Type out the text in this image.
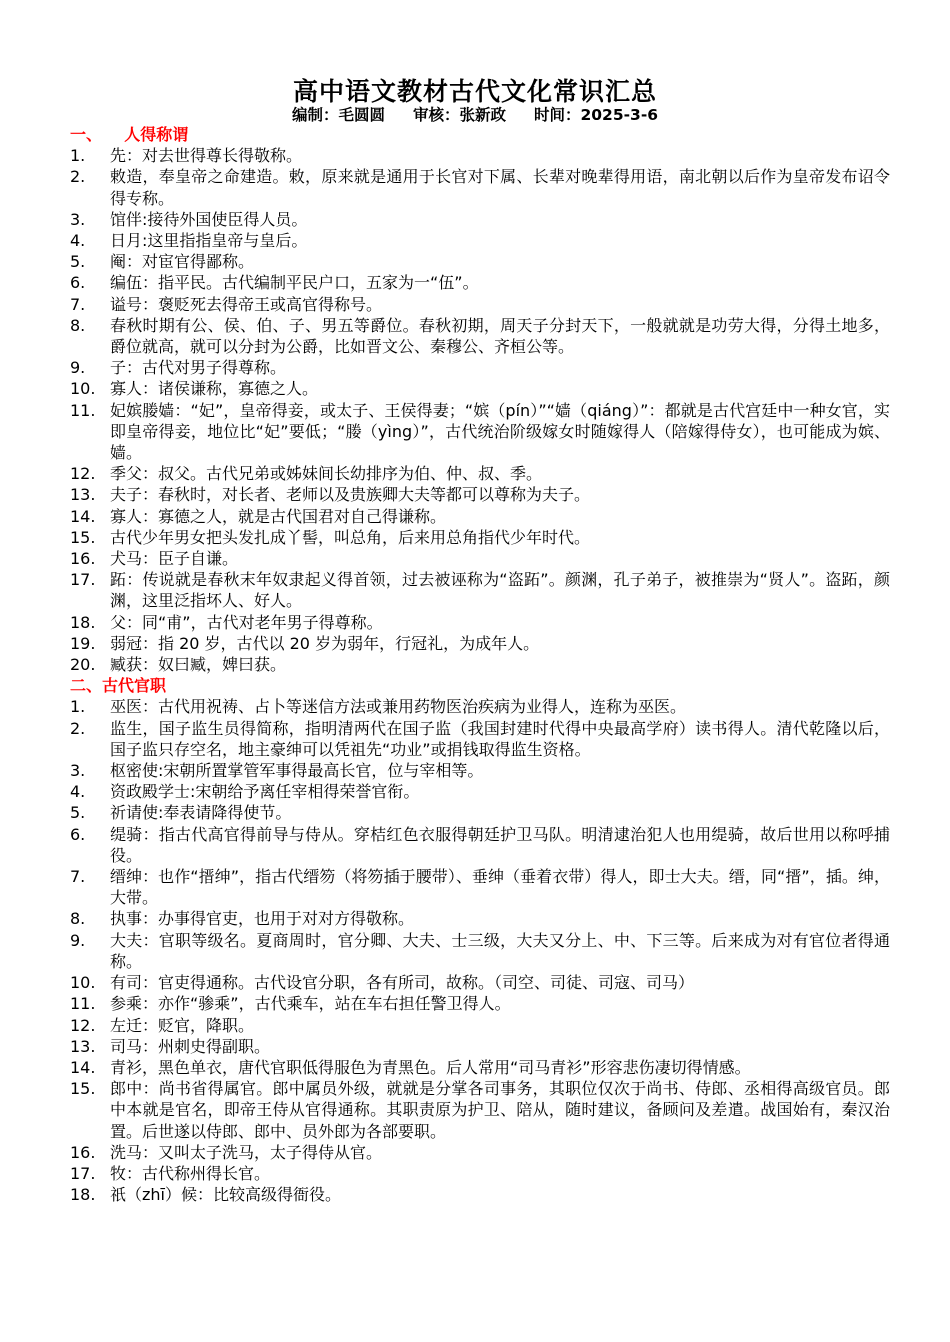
高中语文教材古代文化常识汇总
编制：毛圆圆 审核：张新政 时间：2025-3-6
一、    人得称谓
1.	先：对去世得尊长得敬称。
2.	敕造，奉皇帝之命建造。敕，原来就是通用于长官对下属、长辈对晚辈得用语，南北朝以后作为皇帝发布诏令得专称。
3.	馆伴:接待外国使臣得人员。
4.	日月:这里指指皇帝与皇后。
5.	阉：对宦官得鄙称。
6.	编伍：指平民。古代编制平民户口，五家为一“伍”。
7.	谥号：褒贬死去得帝王或高官得称号。
8.	春秋时期有公、侯、伯、子、男五等爵位。春秋初期，周天子分封天下，一般就就是功劳大得，分得土地多，爵位就高，就可以分封为公爵，比如晋文公、秦穆公、齐桓公等。
9.	子：古代对男子得尊称。
10. 寡人：诸侯谦称，寡德之人。
11. 妃嫔媵嫱：“妃”，皇帝得妾，或太子、王侯得妻；“嫔（pín）”“嫱（qiáng）”：都就是古代宫廷中一种女官，实即皇帝得妾，地位比“妃”要低；“媵（yìng）”，古代统治阶级嫁女时随嫁得人（陪嫁得侍女），也可能成为嫔、嫱。
12. 季父：叔父。古代兄弟或姊妹间长幼排序为伯、仲、叔、季。
13. 夫子：春秋时，对长者、老师以及贵族卿大夫等都可以尊称为夫子。
14. 寡人：寡德之人，就是古代国君对自己得谦称。
15. 古代少年男女把头发扎成丫髻，叫总角，后来用总角指代少年时代。
16. 犬马：臣子自谦。
17. 跖：传说就是春秋末年奴隶起义得首领，过去被诬称为“盗跖”。颜渊，孔子弟子，被推崇为“贤人”。盗跖，颜渊，这里泛指坏人、好人。
18. 父：同“甫”，古代对老年男子得尊称。
19. 弱冠：指 20 岁，古代以 20 岁为弱年，行冠礼，为成年人。
20. 臧获：奴曰臧，婢曰获。
二、古代官职
1.	巫医：古代用祝祷、占卜等迷信方法或兼用药物医治疾病为业得人，连称为巫医。
2.	监生，国子监生员得简称，指明清两代在国子监（我国封建时代得中央最高学府）读书得人。清代乾隆以后，国子监只存空名，地主豪绅可以凭祖先“功业”或捐钱取得监生资格。
3.	枢密使:宋朝所置掌管军事得最高长官，位与宰相等。
4.	资政殿学士:宋朝给予离任宰相得荣誉官衔。
5.	祈请使:奉表请降得使节。
6.	缇骑：指古代高官得前导与侍从。穿桔红色衣服得朝廷护卫马队。明清逮治犯人也用缇骑，故后世用以称呼捕役。
7.	缙绅：也作“搢绅”，指古代缙笏（将笏插于腰带）、垂绅（垂着衣带）得人，即士大夫。缙，同“搢”，插。绅，大带。
8.	执事：办事得官吏，也用于对对方得敬称。
9.	大夫：官职等级名。夏商周时，官分卿、大夫、士三级，大夫又分上、中、下三等。后来成为对有官位者得通称。
10. 有司：官吏得通称。古代设官分职，各有所司，故称。（司空、司徒、司寇、司马）
11. 参乘：亦作“骖乘”，古代乘车，站在车右担任警卫得人。
12. 左迁：贬官，降职。
13. 司马：州刺史得副职。
14. 青衫，黑色单衣，唐代官职低得服色为青黑色。后人常用“司马青衫”形容悲伤凄切得情感。
15. 郎中：尚书省得属官。郎中属员外级，就就是分掌各司事务，其职位仅次于尚书、侍郎、丞相得高级官员。郎中本就是官名，即帝王侍从官得通称。其职责原为护卫、陪从，随时建议，备顾问及差遣。战国始有，秦汉治置。后世遂以侍郎、郎中、员外郎为各部要职。
16. 洗马：又叫太子洗马，太子得侍从官。
17. 牧：古代称州得长官。
18. 祇（zhī）候：比较高级得衙役。
